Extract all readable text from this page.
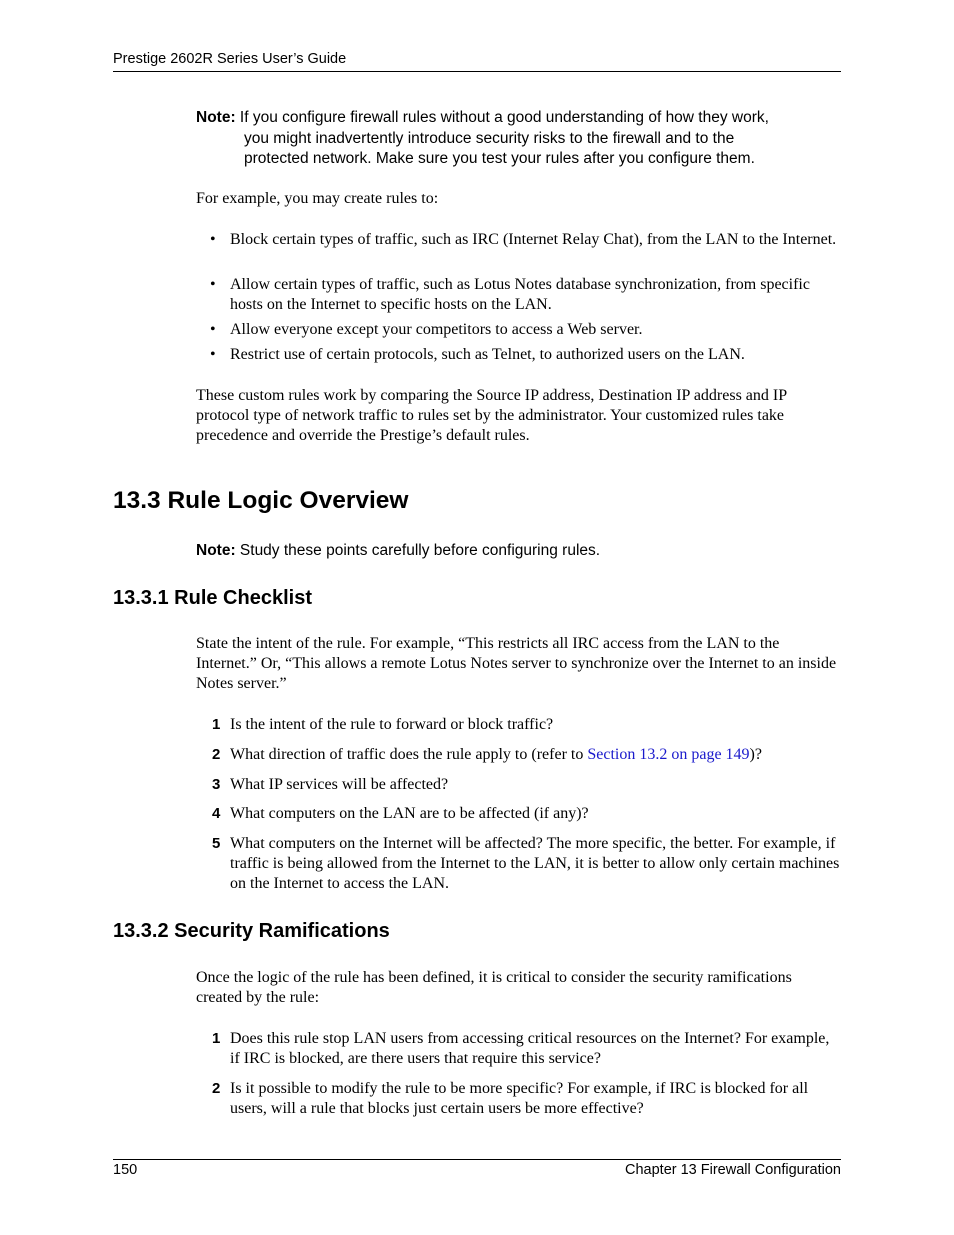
Prestige 2602R Series User’s Guide
Note: If you configure firewall rules without a good understanding of how they work,
you might inadvertently introduce security risks to the firewall and to the
protected network. Make sure you test your rules after you configure them.
For example, you may create rules to:
• Block certain types of traffic, such as IRC (Internet Relay Chat), from the LAN to the Internet.
• Allow certain types of traffic, such as Lotus Notes database synchronization, from specific hosts on the Internet to specific hosts on the LAN.
• Allow everyone except your competitors to access a Web server.
• Restrict use of certain protocols, such as Telnet, to authorized users on the LAN.
These custom rules work by comparing the Source IP address, Destination IP address and IP protocol type of network traffic to rules set by the administrator. Your customized rules take precedence and override the Prestige’s default rules.
13.3 Rule Logic Overview
Note: Study these points carefully before configuring rules.
13.3.1 Rule Checklist
State the intent of the rule. For example, “This restricts all IRC access from the LAN to the Internet.” Or, “This allows a remote Lotus Notes server to synchronize over the Internet to an inside Notes server.”
1 Is the intent of the rule to forward or block traffic?
2 What direction of traffic does the rule apply to (refer to Section 13.2 on page 149)?
3 What IP services will be affected?
4 What computers on the LAN are to be affected (if any)?
5 What computers on the Internet will be affected? The more specific, the better. For example, if traffic is being allowed from the Internet to the LAN, it is better to allow only certain machines on the Internet to access the LAN.
13.3.2 Security Ramifications
Once the logic of the rule has been defined, it is critical to consider the security ramifications created by the rule:
1 Does this rule stop LAN users from accessing critical resources on the Internet? For example, if IRC is blocked, are there users that require this service?
2 Is it possible to modify the rule to be more specific? For example, if IRC is blocked for all users, will a rule that blocks just certain users be more effective?
150	Chapter 13 Firewall Configuration
